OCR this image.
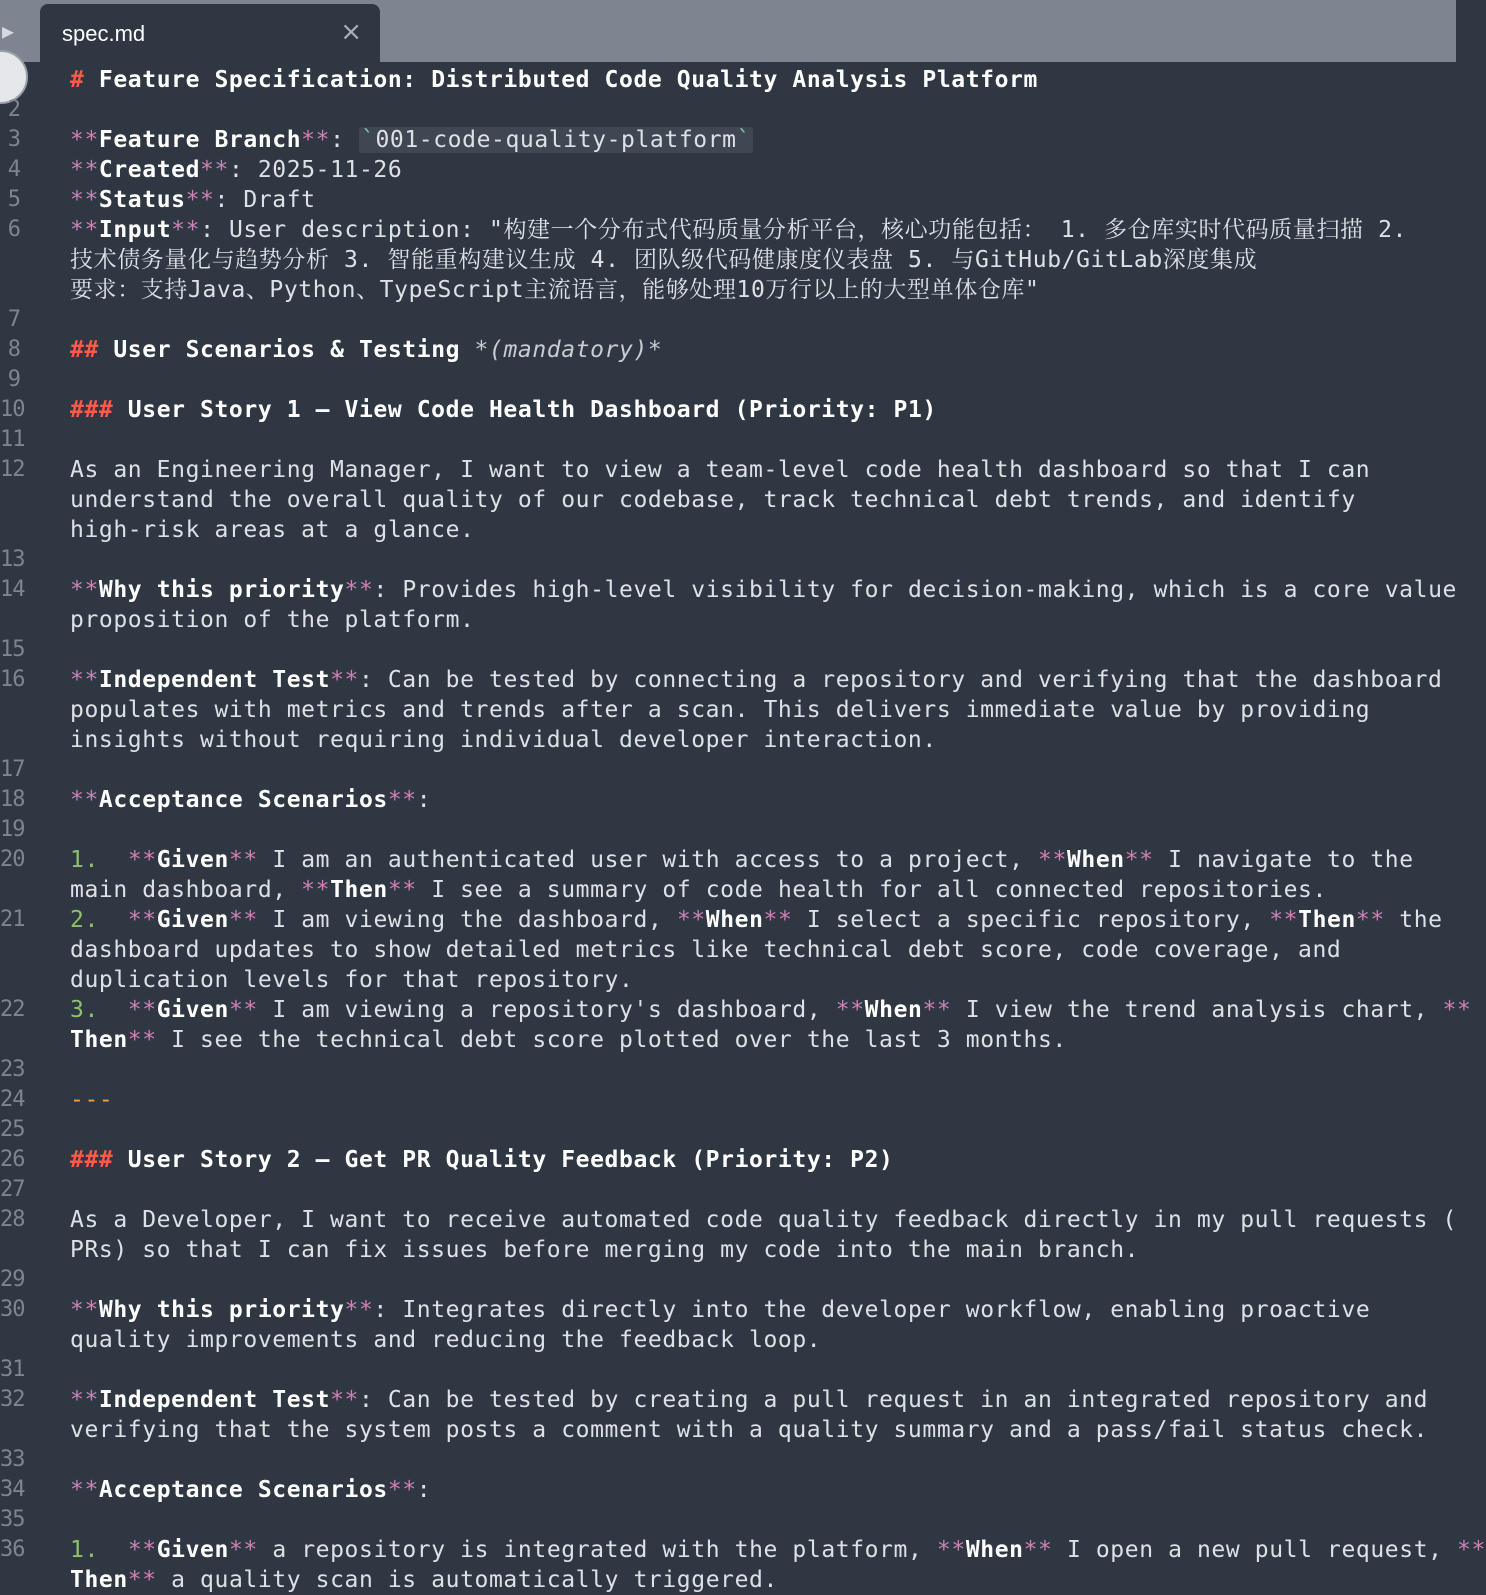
▶	spec.md	×
2
3
4
5
6
7
8
9
10
11
12
13
14
15
16
17
18
19
20
21
22
23
24
25
26
27
28
29
30
31
32
33
34
35
36
# Feature Specification: Distributed Code Quality Analysis Platform
**Feature Branch**: `001-code-quality-platform`
**Created**: 2025-11-26
**Status**: Draft
**Input**: User description: "构建一个分布式代码质量分析平台，核心功能包括： 1. 多仓库实时代码质量扫描 2.
技术债务量化与趋势分析 3. 智能重构建议生成 4. 团队级代码健康度仪表盘 5. 与GitHub/GitLab深度集成
要求：支持Java、Python、TypeScript主流语言，能够处理10万行以上的大型单体仓库"
## User Scenarios & Testing *(mandatory)*
### User Story 1 – View Code Health Dashboard (Priority: P1)
As an Engineering Manager, I want to view a team-level code health dashboard so that I can
understand the overall quality of our codebase, track technical debt trends, and identify
high-risk areas at a glance.
**Why this priority**: Provides high-level visibility for decision-making, which is a core value
proposition of the platform.
**Independent Test**: Can be tested by connecting a repository and verifying that the dashboard
populates with metrics and trends after a scan. This delivers immediate value by providing
insights without requiring individual developer interaction.
**Acceptance Scenarios**:
1. **Given** I am an authenticated user with access to a project, **When** I navigate to the
main dashboard, **Then** I see a summary of code health for all connected repositories.
2. **Given** I am viewing the dashboard, **When** I select a specific repository, **Then** the
dashboard updates to show detailed metrics like technical debt score, code coverage, and
duplication levels for that repository.
3. **Given** I am viewing a repository's dashboard, **When** I view the trend analysis chart, **
Then** I see the technical debt score plotted over the last 3 months.
---
### User Story 2 – Get PR Quality Feedback (Priority: P2)
As a Developer, I want to receive automated code quality feedback directly in my pull requests (
PRs) so that I can fix issues before merging my code into the main branch.
**Why this priority**: Integrates directly into the developer workflow, enabling proactive
quality improvements and reducing the feedback loop.
**Independent Test**: Can be tested by creating a pull request in an integrated repository and
verifying that the system posts a comment with a quality summary and a pass/fail status check.
**Acceptance Scenarios**:
1. **Given** a repository is integrated with the platform, **When** I open a new pull request, **
Then** a quality scan is automatically triggered.
